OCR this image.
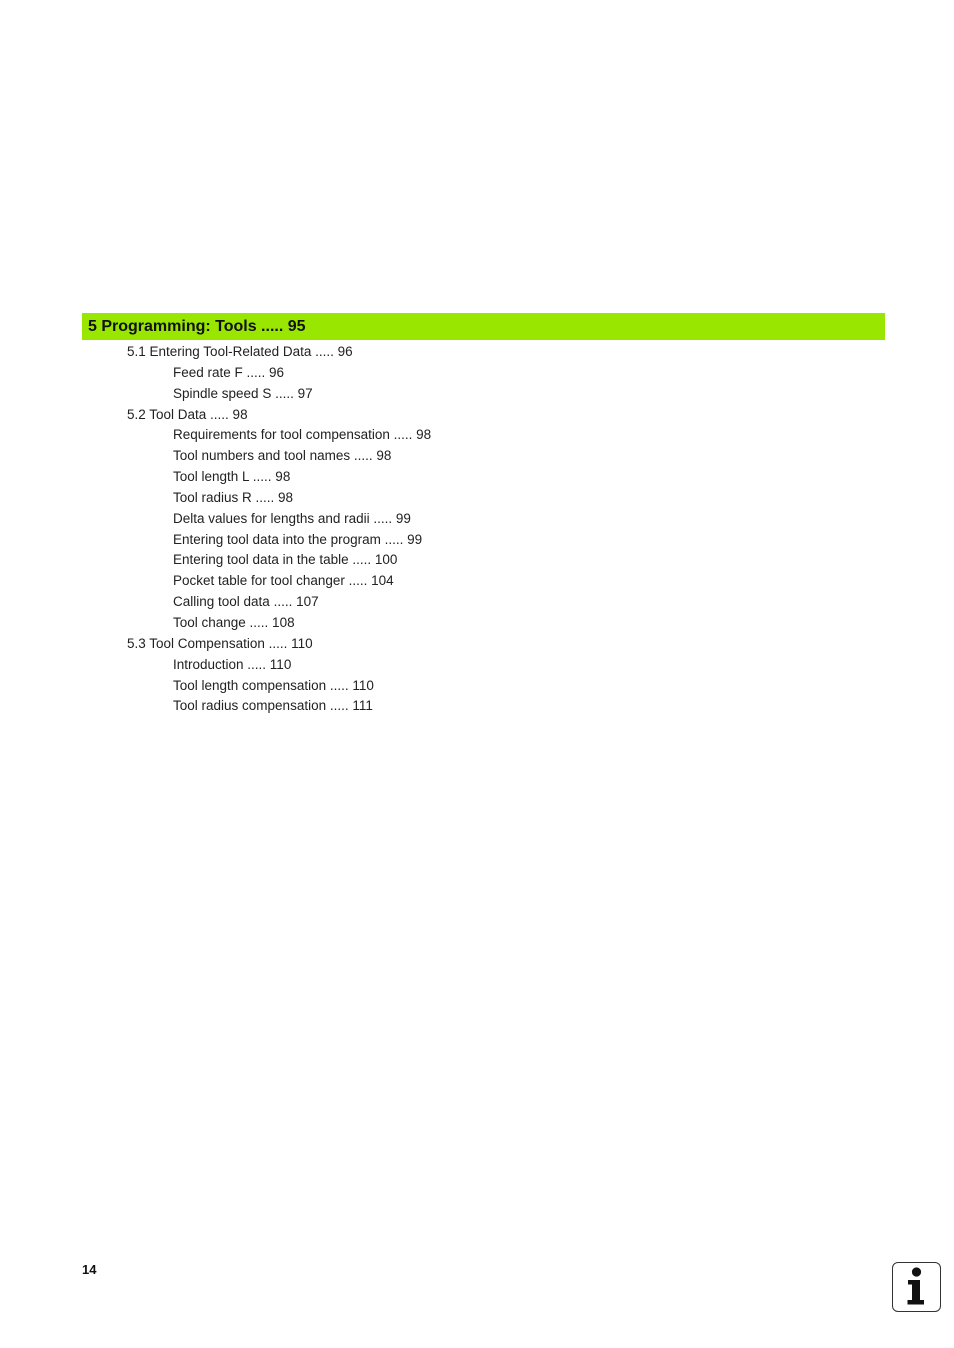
5 Programming: Tools ..... 95
5.1 Entering Tool-Related Data ..... 96
Feed rate F ..... 96
Spindle speed S ..... 97
5.2 Tool Data ..... 98
Requirements for tool compensation ..... 98
Tool numbers and tool names ..... 98
Tool length L ..... 98
Tool radius R ..... 98
Delta values for lengths and radii ..... 99
Entering tool data into the program ..... 99
Entering tool data in the table ..... 100
Pocket table for tool changer ..... 104
Calling tool data ..... 107
Tool change ..... 108
5.3 Tool Compensation ..... 110
Introduction ..... 110
Tool length compensation ..... 110
Tool radius compensation ..... 111
14
